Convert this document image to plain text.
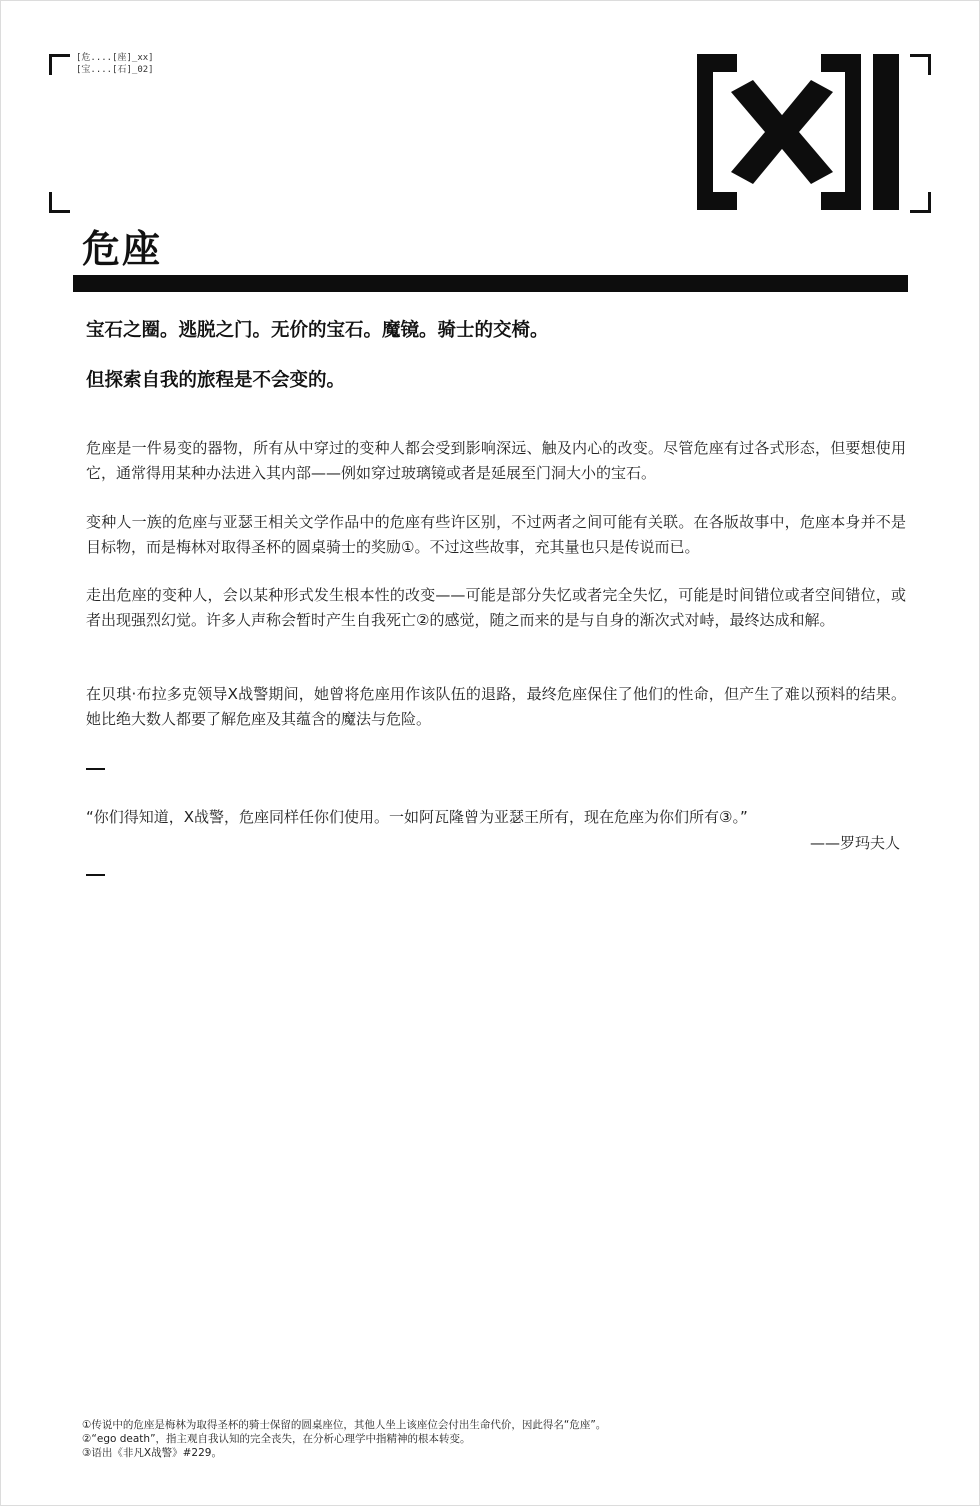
[危....[座]_xx]
[宝....[石]_02]
危座

宝石之圈。逃脱之门。无价的宝石。魔镜。骑士的交椅。

但探索自我的旅程是不会变的。

危座是一件易变的器物，所有从中穿过的变种人都会受到影响深远、触及内心的改变。尽管危座有过各式形态，但要想使用它，通常得用某种办法进入其内部——例如穿过玻璃镜或者是延展至门洞大小的宝石。

变种人一族的危座与亚瑟王相关文学作品中的危座有些许区别，不过两者之间可能有关联。在各版故事中，危座本身并不是目标物，而是梅林对取得圣杯的圆桌骑士的奖励①。不过这些故事，充其量也只是传说而已。

走出危座的变种人，会以某种形式发生根本性的改变——可能是部分失忆或者完全失忆，可能是时间错位或者空间错位，或者出现强烈幻觉。许多人声称会暂时产生自我死亡②的感觉，随之而来的是与自身的渐次式对峙，最终达成和解。

在贝琪·布拉多克领导X战警期间，她曾将危座用作该队伍的退路，最终危座保住了他们的性命，但产生了难以预料的结果。她比绝大数人都要了解危座及其蕴含的魔法与危险。

“你们得知道，X战警，危座同样任你们使用。一如阿瓦隆曾为亚瑟王所有，现在危座为你们所有③。”

——罗玛夫人

①传说中的危座是梅林为取得圣杯的骑士保留的圆桌座位，其他人坐上该座位会付出生命代价，因此得名“危座”。
②“ego death”，指主观自我认知的完全丧失，在分析心理学中指精神的根本转变。
③语出《非凡X战警》#229。
